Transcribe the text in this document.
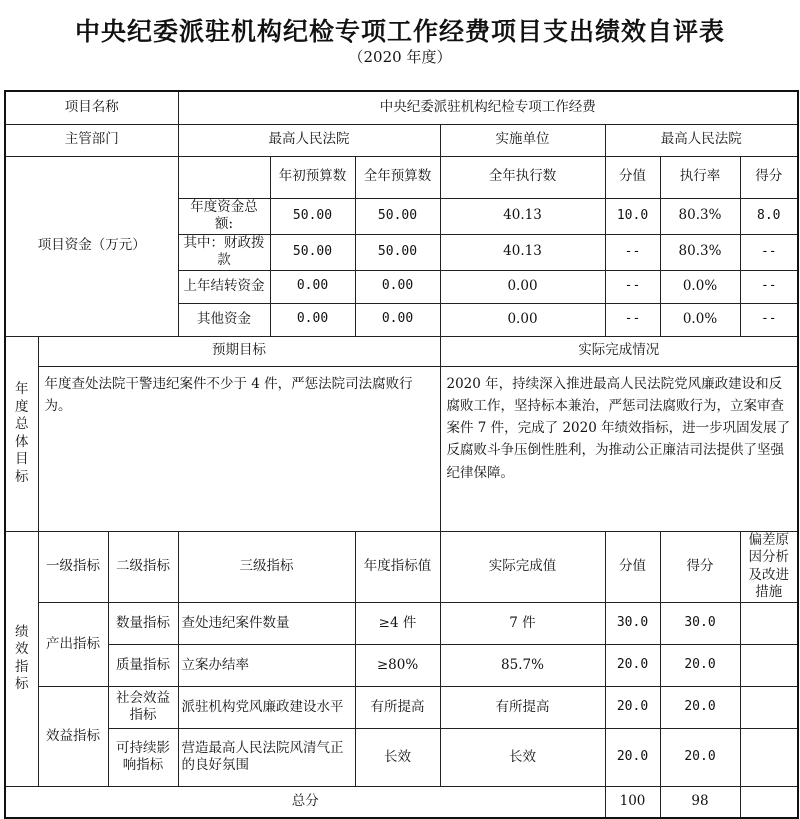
中央纪委派驻机构纪检专项工作经费项目支出绩效自评表
（2020 年度）
项目名称			中央纪委派驻机构纪检专项工作经费						
主管部门			最高人民法院			实施单位	最高人民法院		
项目资金（万元）				年初预算数	全年预算数	全年执行数	分值	执行率	得分
			年度资金总额:	50.00	50.00	40.13	10.0	80.3%	8.0
			其中：财政拨款	50.00	50.00	40.13	--	80.3%	--
			上年结转资金	0.00	0.00	0.00	--	0.0%	--
			其他资金	0.00	0.00	0.00	--	0.0%	--
年度总体目标	预期目标					实际完成情况			
	年度查处法院干警违纪案件不少于 4 件，严惩法院司法腐败行为。					2020 年，持续深入推进最高人民法院党风廉政建设和反腐败工作，坚持标本兼治，严惩司法腐败行为，立案审查案件 7 件，完成了 2020 年绩效指标，进一步巩固发展了反腐败斗争压倒性胜利，为推动公正廉洁司法提供了坚强纪律保障。			
绩效指标	一级指标	二级指标	三级指标		年度指标值	实际完成值	分值	得分	偏差原因分析及改进措施
	产出指标	数量指标	查处违纪案件数量		≥4 件	7 件	30.0	30.0	
		质量指标	立案办结率		≥80%	85.7%	20.0	20.0	
	效益指标	社会效益指标	派驻机构党风廉政建设水平		有所提高	有所提高	20.0	20.0	
		可持续影响指标	营造最高人民法院风清气正的良好氛围		长效	长效	20.0	20.0	
总分							100	98	
